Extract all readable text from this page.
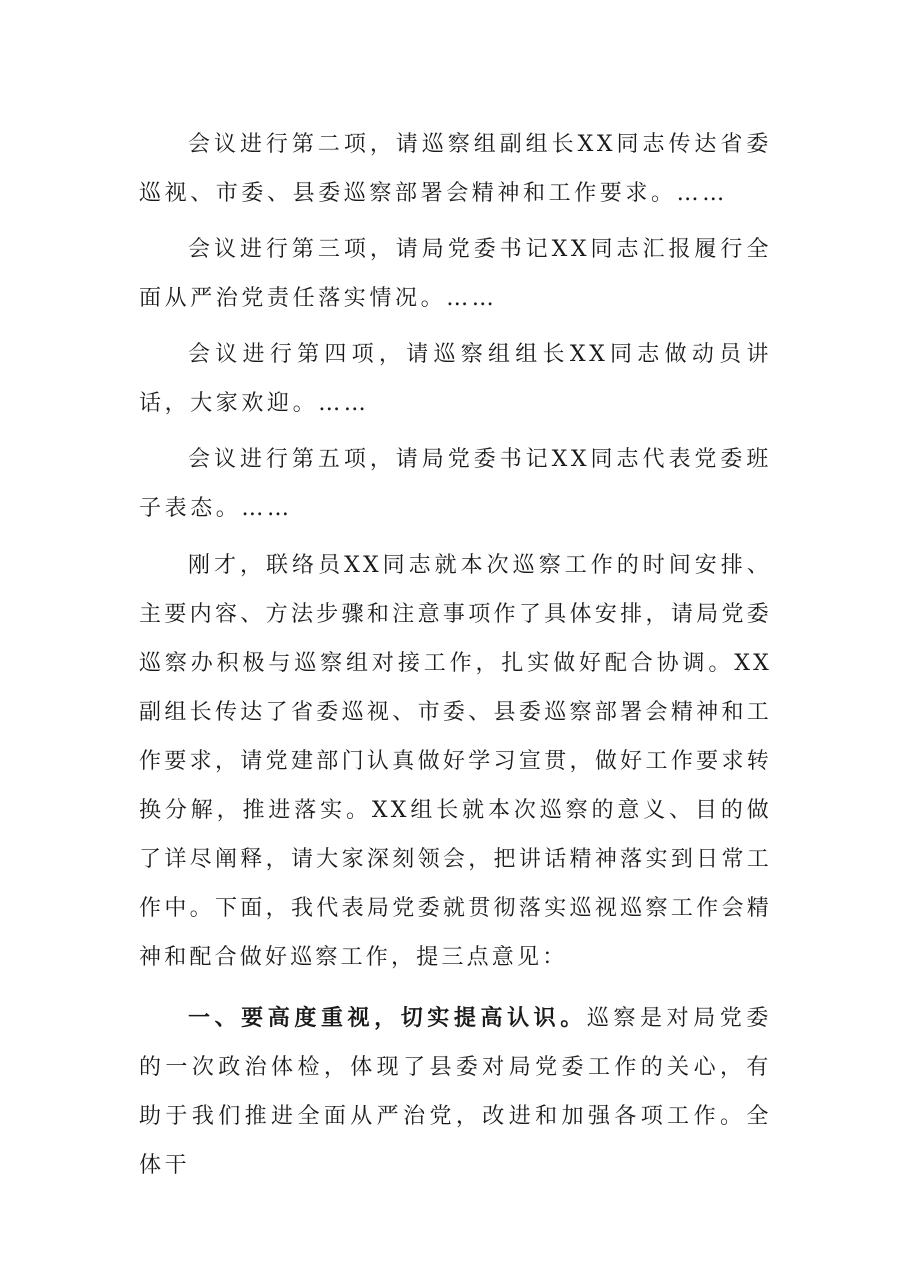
会议进行第二项，请巡察组副组长XX同志传达省委巡视、市委、县委巡察部署会精神和工作要求。……

会议进行第三项，请局党委书记XX同志汇报履行全面从严治党责任落实情况。……

会议进行第四项，请巡察组组长XX同志做动员讲话，大家欢迎。……

会议进行第五项，请局党委书记XX同志代表党委班子表态。……

刚才，联络员XX同志就本次巡察工作的时间安排、主要内容、方法步骤和注意事项作了具体安排，请局党委巡察办积极与巡察组对接工作，扎实做好配合协调。XX副组长传达了省委巡视、市委、县委巡察部署会精神和工作要求，请党建部门认真做好学习宣贯，做好工作要求转换分解，推进落实。XX组长就本次巡察的意义、目的做了详尽阐释，请大家深刻领会，把讲话精神落实到日常工作中。下面，我代表局党委就贯彻落实巡视巡察工作会精神和配合做好巡察工作，提三点意见：

一、要高度重视，切实提高认识。巡察是对局党委的一次政治体检，体现了县委对局党委工作的关心，有助于我们推进全面从严治党，改进和加强各项工作。全体干
